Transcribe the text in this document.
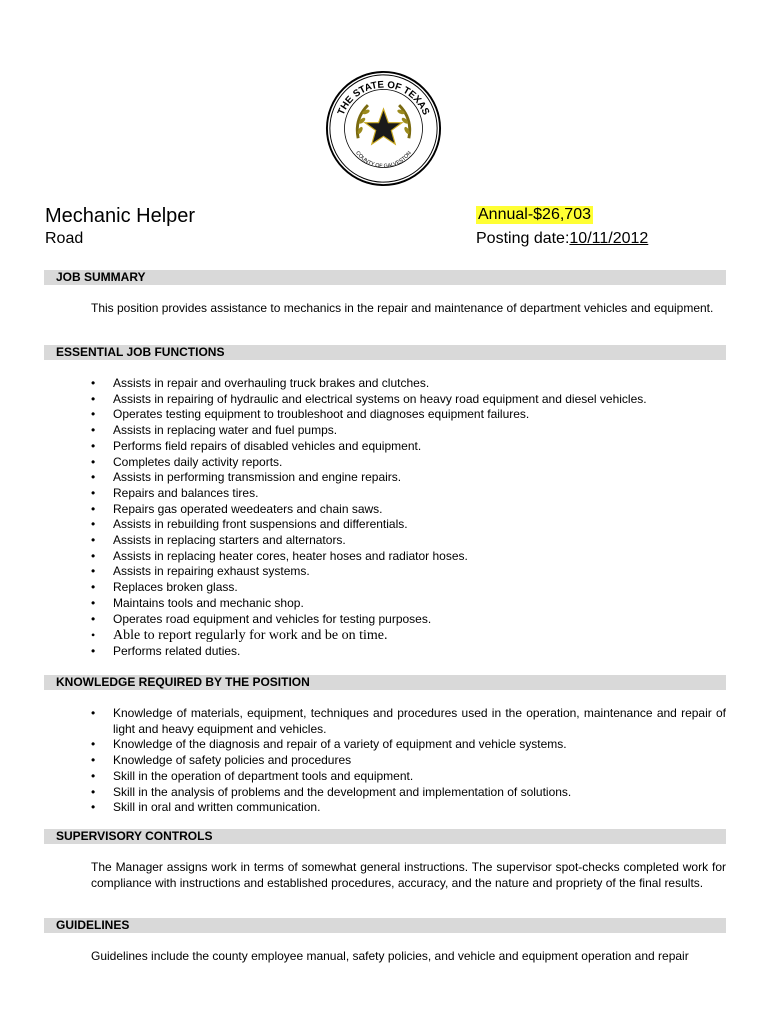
THE STATE OF TEXAS
COUNTY OF GALVESTON
Mechanic Helper
Road
Annual-$26,703
Posting date:10/11/2012
JOB SUMMARY
This position provides assistance to mechanics in the repair and maintenance of department vehicles and equipment.
ESSENTIAL JOB FUNCTIONS
• Assists in repair and overhauling truck brakes and clutches.
• Assists in repairing of hydraulic and electrical systems on heavy road equipment and diesel vehicles.
• Operates testing equipment to troubleshoot and diagnoses equipment failures.
• Assists in replacing water and fuel pumps.
• Performs field repairs of disabled vehicles and equipment.
• Completes daily activity reports.
• Assists in performing transmission and engine repairs.
• Repairs and balances tires.
• Repairs gas operated weedeaters and chain saws.
• Assists in rebuilding front suspensions and differentials.
• Assists in replacing starters and alternators.
• Assists in replacing heater cores, heater hoses and radiator hoses.
• Assists in repairing exhaust systems.
• Replaces broken glass.
• Maintains tools and mechanic shop.
• Operates road equipment and vehicles for testing purposes.
• Able to report regularly for work and be on time.
• Performs related duties.
KNOWLEDGE REQUIRED BY THE POSITION
• Knowledge of materials, equipment, techniques and procedures used in the operation, maintenance and repair of light and heavy equipment and vehicles.
• Knowledge of the diagnosis and repair of a variety of equipment and vehicle systems.
• Knowledge of safety policies and procedures
• Skill in the operation of department tools and equipment.
• Skill in the analysis of problems and the development and implementation of solutions.
• Skill in oral and written communication.
SUPERVISORY CONTROLS
The Manager assigns work in terms of somewhat general instructions. The supervisor spot-checks completed work for compliance with instructions and established procedures, accuracy, and the nature and propriety of the final results.
GUIDELINES
Guidelines include the county employee manual, safety policies, and vehicle and equipment operation and repair
